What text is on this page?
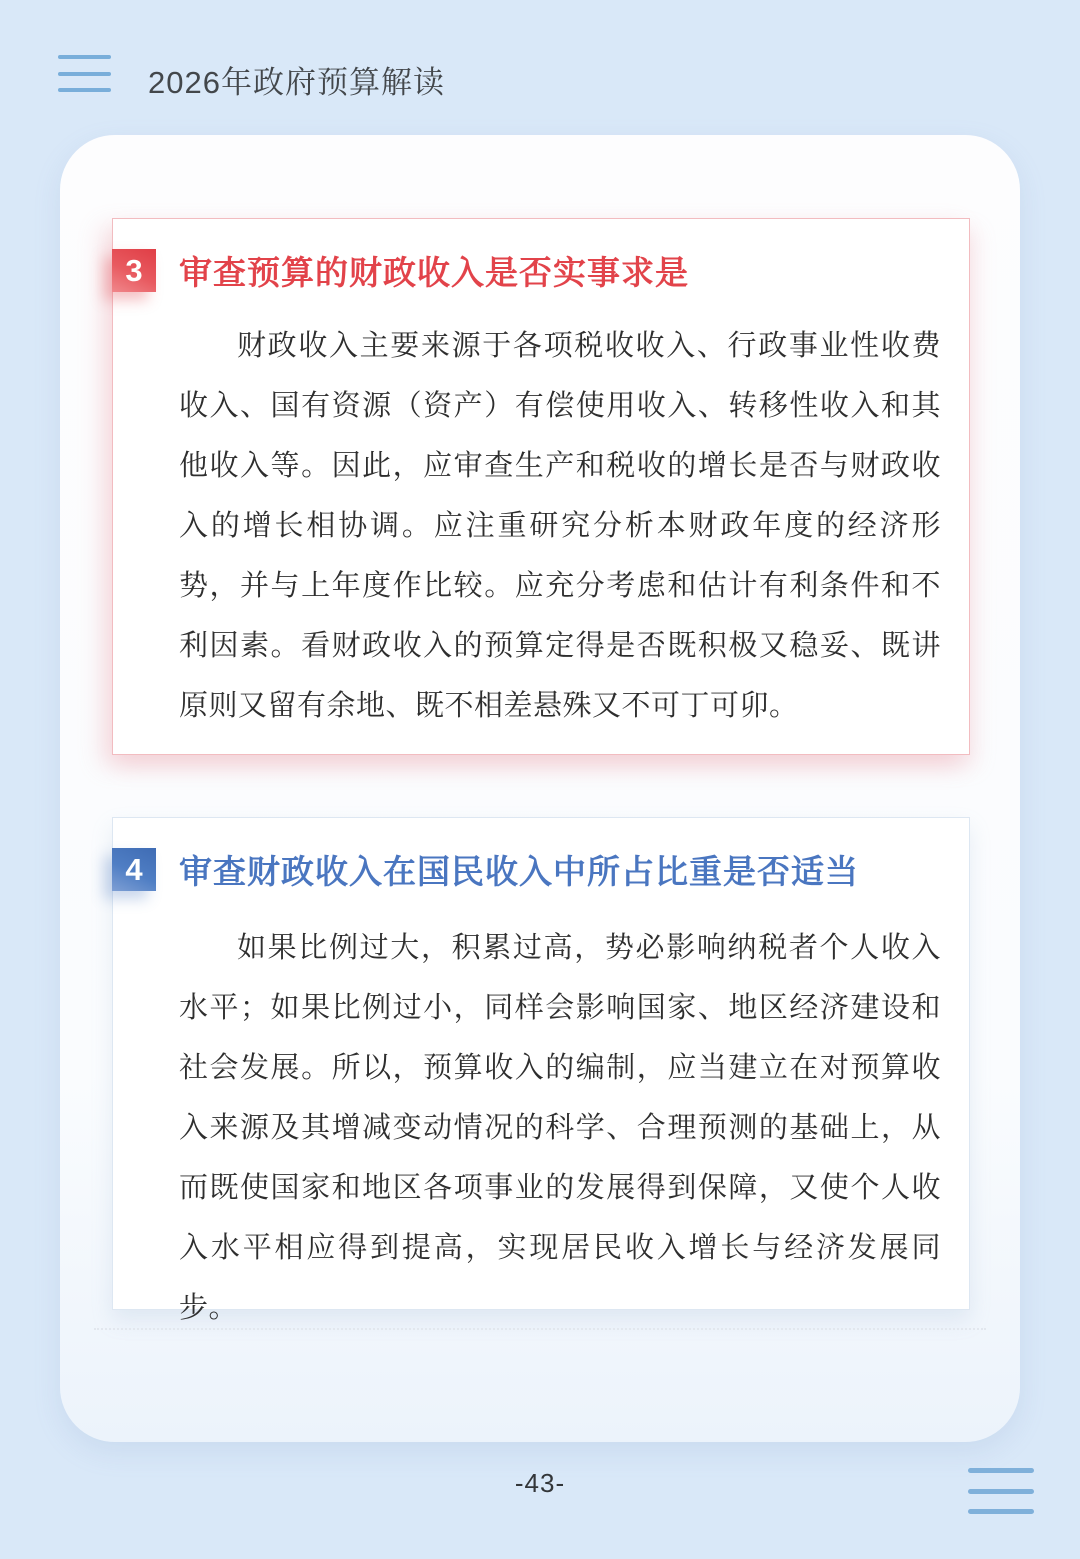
2026年政府预算解读
3	审查预算的财政收入是否实事求是
财政收入主要来源于各项税收收入、行政事业性收费收入、国有资源（资产）有偿使用收入、转移性收入和其他收入等。因此，应审查生产和税收的增长是否与财政收入的增长相协调。应注重研究分析本财政年度的经济形势，并与上年度作比较。应充分考虑和估计有利条件和不利因素。看财政收入的预算定得是否既积极又稳妥、既讲原则又留有余地、既不相差悬殊又不可丁可卯。
4	审查财政收入在国民收入中所占比重是否适当
如果比例过大，积累过高，势必影响纳税者个人收入水平；如果比例过小，同样会影响国家、地区经济建设和社会发展。所以，预算收入的编制，应当建立在对预算收入来源及其增减变动情况的科学、合理预测的基础上，从而既使国家和地区各项事业的发展得到保障，又使个人收入水平相应得到提高，实现居民收入增长与经济发展同步。
-43-
